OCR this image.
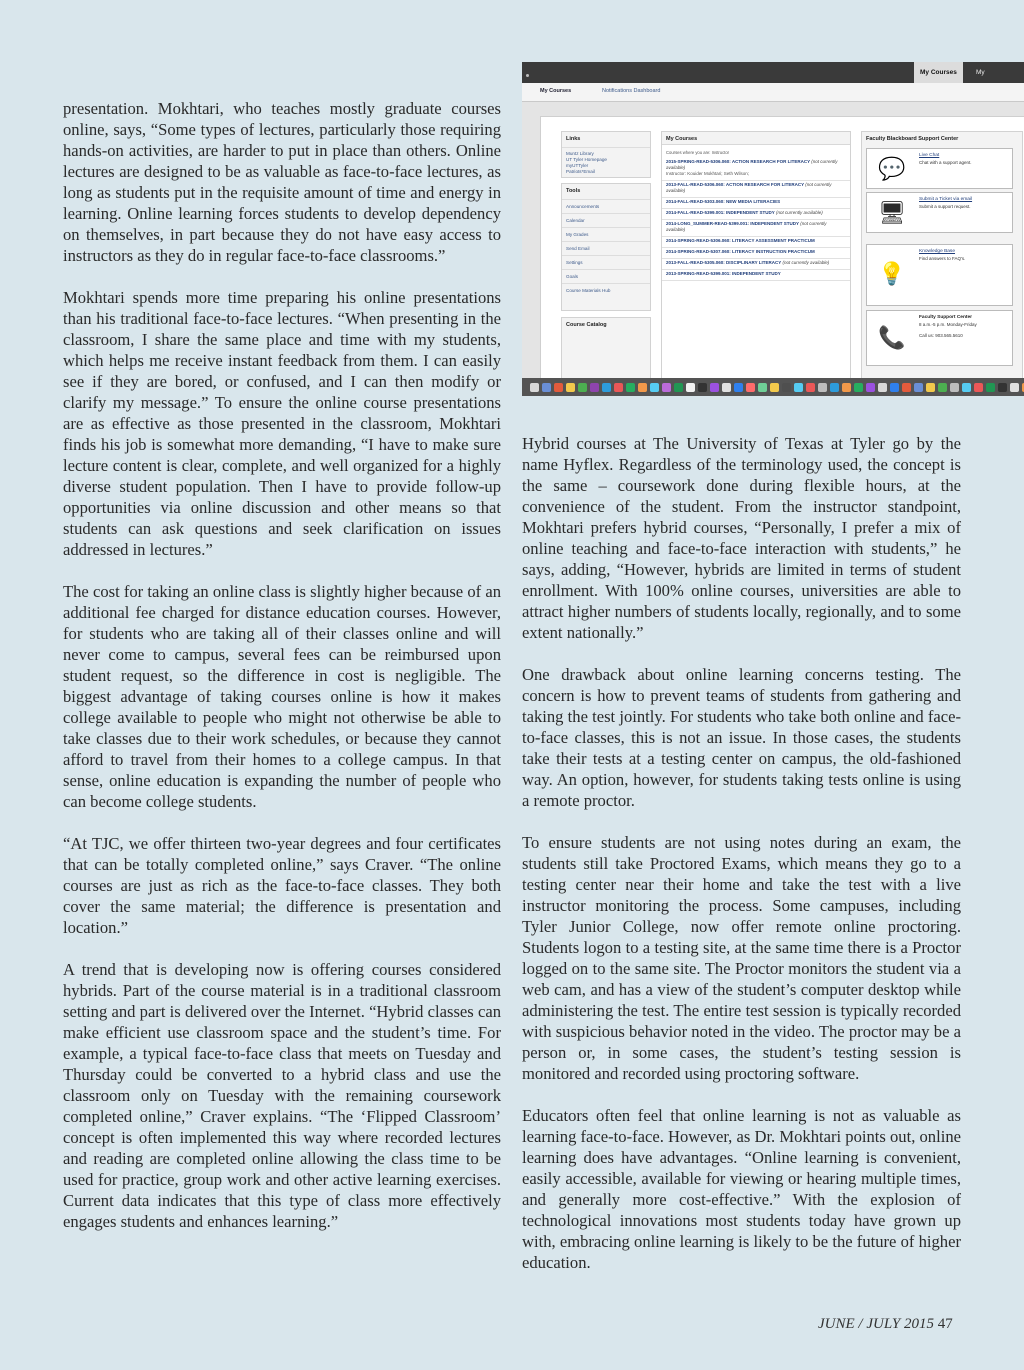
presentation. Mokhtari, who teaches mostly graduate courses online, says, “Some types of lectures, particularly those requiring hands-on activities, are harder to put in place than others. Online lectures are designed to be as valuable as face-to-face lectures, as long as students put in the requisite amount of time and energy in learning. Online learning forces students to develop dependency on themselves, in part because they do not have easy access to instructors as they do in regular face-to-face classrooms.”

Mokhtari spends more time preparing his online presentations than his traditional face-to-face lectures. “When presenting in the classroom, I share the same place and time with my students, which helps me receive instant feedback from them. I can easily see if they are bored, or confused, and I can then modify or clarify my message.” To ensure the online course presentations are as effective as those presented in the classroom, Mokhtari finds his job is somewhat more demanding, “I have to make sure lecture content is clear, complete, and well organized for a highly diverse student population. Then I have to provide follow-up opportunities via online discussion and other means so that students can ask questions and seek clarification on issues addressed in lectures.”

The cost for taking an online class is slightly higher because of an additional fee charged for distance education courses. However, for students who are taking all of their classes online and will never come to campus, several fees can be reimbursed upon student request, so the difference in cost is negligible. The biggest advantage of taking courses online is how it makes college available to people who might not otherwise be able to take classes due to their work schedules, or because they cannot afford to travel from their homes to a college campus. In that sense, online education is expanding the number of people who can become college students.

“At TJC, we offer thirteen two-year degrees and four certificates that can be totally completed online,” says Craver. “The online courses are just as rich as the face-to-face classes. They both cover the same material; the difference is presentation and location.”

A trend that is developing now is offering courses considered hybrids. Part of the course material is in a traditional classroom setting and part is delivered over the Internet. “Hybrid classes can make efficient use classroom space and the student’s time. For example, a typical face-to-face class that meets on Tuesday and Thursday could be converted to a hybrid class and use the classroom only on Tuesday with the remaining coursework completed online,” Craver explains. “The ‘Flipped Classroom’ concept is often implemented this way where recorded lectures and reading are completed online allowing the class time to be used for practice, group work and other active learning exercises. Current data indicates that this type of class more effectively engages students and enhances learning.”

My Courses	My
My Courses	Notifications Dashboard
Links
Muntz Library
UT Tyler Homepage
myUTTyler
Patriots*Email
Tools
Announcements
Calendar
My Grades
Send Email
Settings
Goals
Course Materials Hub
Course Catalog
My Courses
Courses where you are: Instructor
2015-SPRING-READ-5306.060: ACTION RESEARCH FOR LITERACY (not currently available)
Instructor: Kouider Mokhtari; Seth Wilson;
2013-FALL-READ-5306.060: ACTION RESEARCH FOR LITERACY (not currently available)
2014-FALL-READ-5303.060: NEW MEDIA LITERACIES
2014-FALL-READ-5399.001: INDEPENDENT STUDY (not currently available)
2014-LONG_SUMMER-READ-5399.001: INDEPENDENT STUDY (not currently available)
2014-SPRING-READ-5306.060: LITERACY ASSESSMENT PRACTICUM
2014-SPRING-READ-5307.060: LITERACY INSTRUCTION PRACTICUM
2013-FALL-READ-5305.060: DISCIPLINARY LITERACY (not currently available)
2013-SPRING-READ-5399.001: INDEPENDENT STUDY
Faculty Blackboard Support Center
💬
Live Chat
Chat with a support agent.
🖥
Submit a Ticket via email
Submit a support request.
💡
Knowledge Base
Find answers to FAQ's.
📞
Faculty Support Center
8 a.m.-5 p.m. Monday-Friday
Call us: 903.565.5610

Hybrid courses at The University of Texas at Tyler go by the name Hyflex. Regardless of the terminology used, the concept is the same – coursework done during flexible hours, at the convenience of the student. From the instructor standpoint, Mokhtari prefers hybrid courses, “Personally, I prefer a mix of online teaching and face-to-face interaction with students,” he says, adding, “However, hybrids are limited in terms of student enrollment. With 100% online courses, universities are able to attract higher numbers of students locally, regionally, and to some extent nationally.”

One drawback about online learning concerns testing. The concern is how to prevent teams of students from gathering and taking the test jointly. For students who take both online and face-to-face classes, this is not an issue. In those cases, the students take their tests at a testing center on campus, the old-fashioned way. An option, however, for students taking tests online is using a remote proctor.

To ensure students are not using notes during an exam, the students still take Proctored Exams, which means they go to a testing center near their home and take the test with a live instructor monitoring the process. Some campuses, including Tyler Junior College, now offer remote online proctoring. Students logon to a testing site, at the same time there is a Proctor logged on to the same site. The Proctor monitors the student via a web cam, and has a view of the student’s computer desktop while administering the test. The entire test session is typically recorded with suspicious behavior noted in the video. The proctor may be a person or, in some cases, the student’s testing session is monitored and recorded using proctoring software.

Educators often feel that online learning is not as valuable as learning face-to-face. However, as Dr. Mokhtari points out, online learning does have advantages. “Online learning is convenient, easily accessible, available for viewing or hearing multiple times, and generally more cost-effective.” With the explosion of technological innovations most students today have grown up with, embracing online learning is likely to be the future of higher education.

JUNE / JULY 2015 47
